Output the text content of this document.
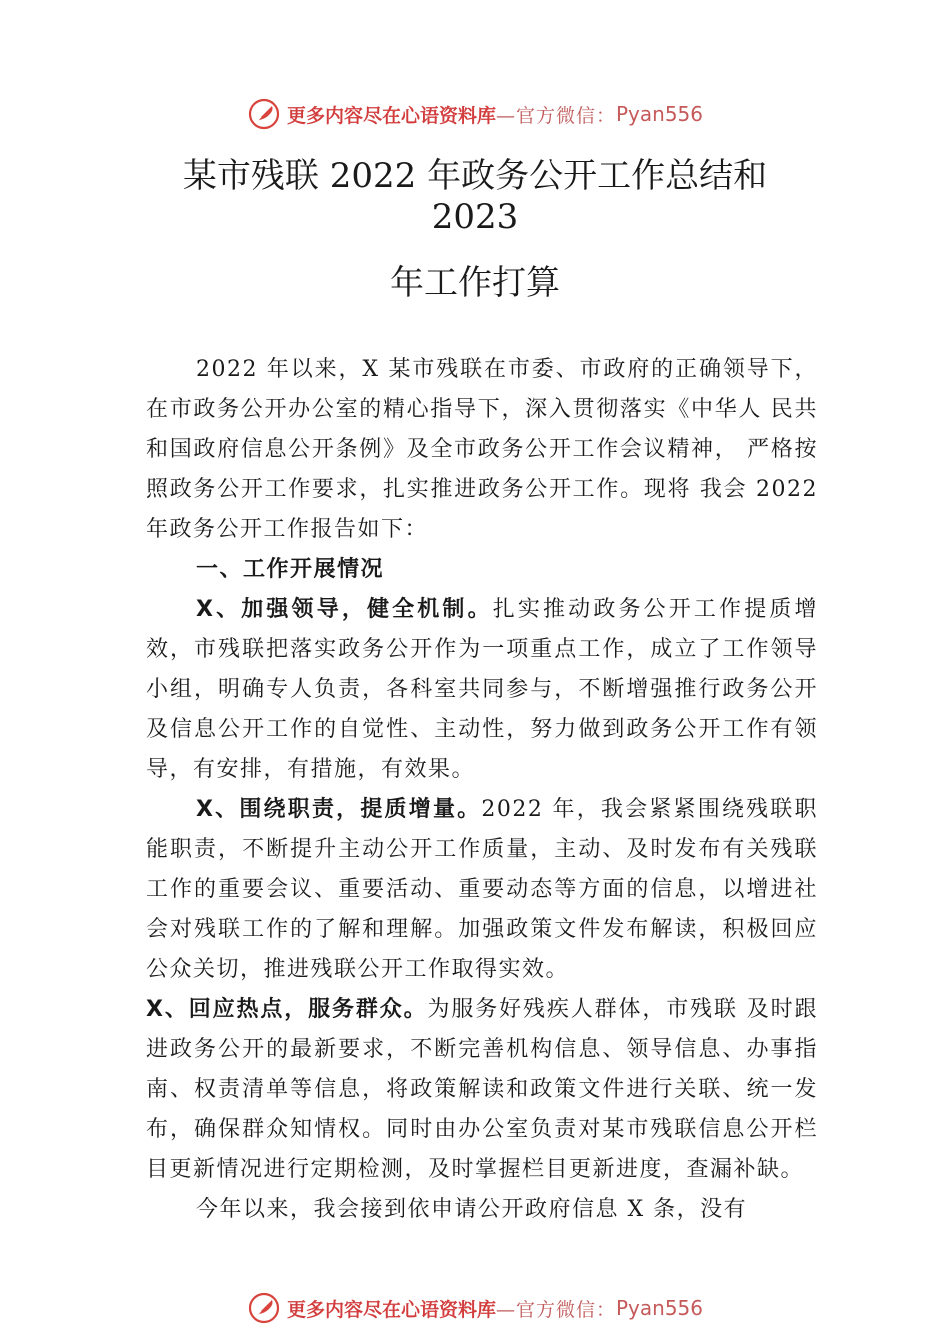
更多内容尽在心语资料库 —官方微信： Pyan556
某市残联 2022 年政务公开工作总结和
2023
年工作打算

2022 年以来，X 某市残联在市委、市政府的正确领导下，在市政务公开办公室的精心指导下，深入贯彻落实《中华人 民共和国政府信息公开条例》及全市政务公开工作会议精神， 严格按照政务公开工作要求，扎实推进政务公开工作。现将 我会 2022 年政务公开工作报告如下：

一、工作开展情况

X、加强领导，健全机制。扎实推动政务公开工作提质增效，市残联把落实政务公开作为一项重点工作，成立了工作领导小组，明确专人负责，各科室共同参与，不断增强推行政务公开及信息公开工作的自觉性、主动性，努力做到政务公开工作有领导，有安排，有措施，有效果。

X、围绕职责，提质增量。2022 年，我会紧紧围绕残联职能职责，不断提升主动公开工作质量，主动、及时发布有关残联工作的重要会议、重要活动、重要动态等方面的信息，以增进社会对残联工作的了解和理解。加强政策文件发布解读，积极回应公众关切，推进残联公开工作取得实效。

X、回应热点，服务群众。为服务好残疾人群体，市残联 及时跟进政务公开的最新要求，不断完善机构信息、领导信息、办事指南、权责清单等信息，将政策解读和政策文件进行关联、统一发布，确保群众知情权。同时由办公室负责对某市残联信息公开栏目更新情况进行定期检测，及时掌握栏目更新进度，查漏补缺。

今年以来，我会接到依申请公开政府信息 X 条，没有

更多内容尽在心语资料库 —官方微信： Pyan556
